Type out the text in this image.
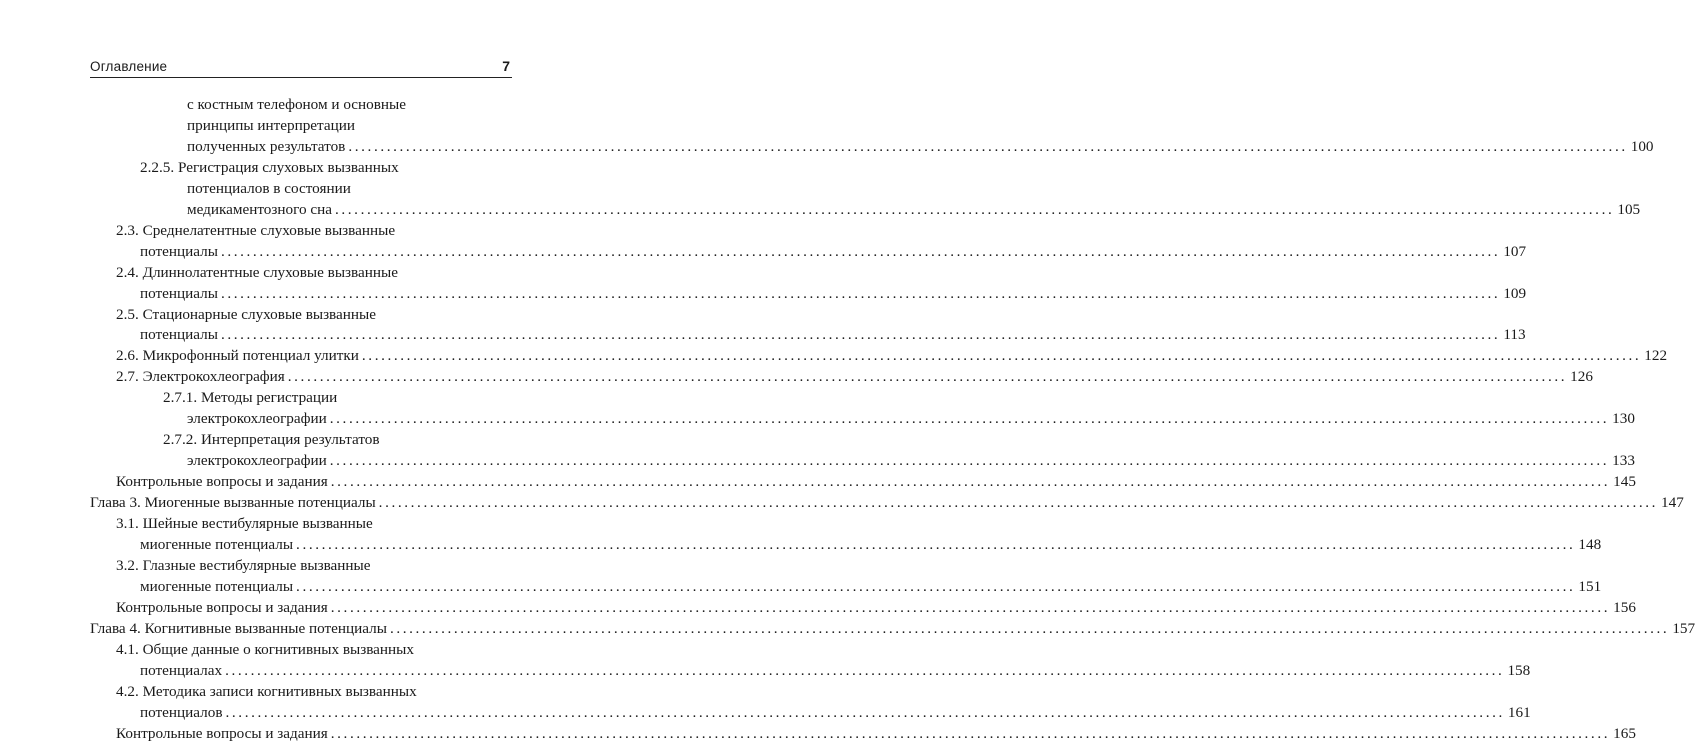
Оглавление	7
с костным телефоном и основные
принципы интерпретации
полученных результатов ........................................................................................................................................................................................................ 100
2.2.5. Регистрация слуховых вызванных
потенциалов в состоянии
медикаментозного сна ........................................................................................................................................................................................................ 105
2.3. Среднелатентные слуховые вызванные
потенциалы ........................................................................................................................................................................................................ 107
2.4. Длиннолатентные слуховые вызванные
потенциалы ........................................................................................................................................................................................................ 109
2.5. Стационарные слуховые вызванные
потенциалы ........................................................................................................................................................................................................ 113
2.6. Микрофонный потенциал улитки ........................................................................................................................................................................................................ 122
2.7. Электрокохлеография ........................................................................................................................................................................................................ 126
2.7.1. Методы регистрации
электрокохлеографии ........................................................................................................................................................................................................ 130
2.7.2. Интерпретация результатов
электрокохлеографии ........................................................................................................................................................................................................ 133
Контрольные вопросы и задания ........................................................................................................................................................................................................ 145
Глава 3. Миогенные вызванные потенциалы ........................................................................................................................................................................................................ 147
3.1. Шейные вестибулярные вызванные
миогенные потенциалы ........................................................................................................................................................................................................ 148
3.2. Глазные вестибулярные вызванные
миогенные потенциалы ........................................................................................................................................................................................................ 151
Контрольные вопросы и задания ........................................................................................................................................................................................................ 156
Глава 4. Когнитивные вызванные потенциалы ........................................................................................................................................................................................................ 157
4.1. Общие данные о когнитивных вызванных
потенциалах ........................................................................................................................................................................................................ 158
4.2. Методика записи когнитивных вызванных
потенциалов ........................................................................................................................................................................................................ 161
Контрольные вопросы и задания ........................................................................................................................................................................................................ 165
